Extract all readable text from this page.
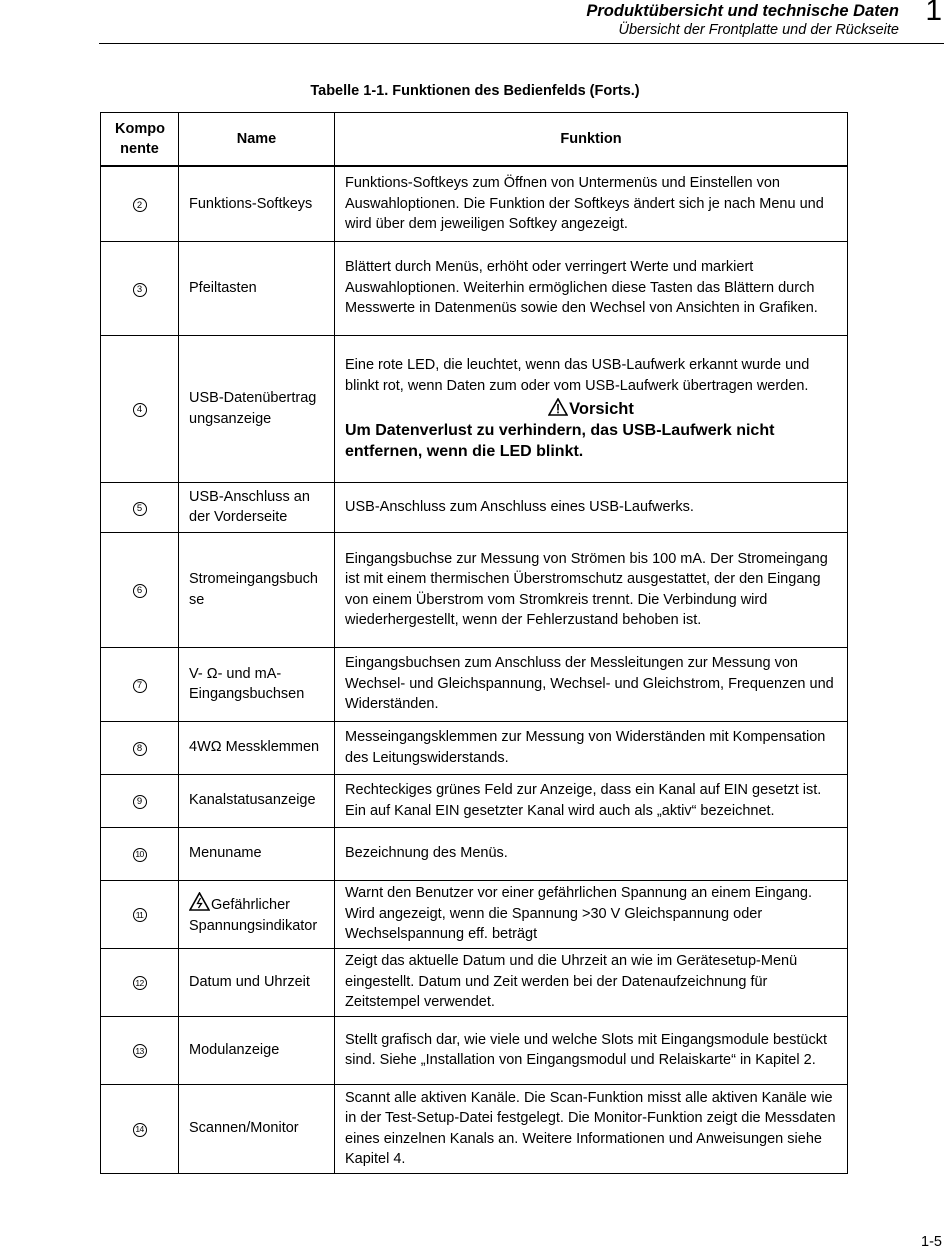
Produktübersicht und technische Daten
Übersicht der Frontplatte und der Rückseite
1
Tabelle 1-1. Funktionen des Bedienfelds (Forts.)
Kompo nente	Name	Funktion
2	Funktions-Softkeys	Funktions-Softkeys zum Öffnen von Untermenüs und Einstellen von Auswahloptionen. Die Funktion der Softkeys ändert sich je nach Menu und wird über dem jeweiligen Softkey angezeigt.
3	Pfeiltasten	Blättert durch Menüs, erhöht oder verringert Werte und markiert Auswahloptionen. Weiterhin ermöglichen diese Tasten das Blättern durch Messwerte in Datenmenüs sowie den Wechsel von Ansichten in Grafiken.
4	USB-Datenübertragungsanzeige	Eine rote LED, die leuchtet, wenn das USB-Laufwerk erkannt wurde und blinkt rot, wenn Daten zum oder vom USB-Laufwerk übertragen werden.
Vorsicht
Um Datenverlust zu verhindern, das USB-Laufwerk nicht entfernen, wenn die LED blinkt.

5	USB-Anschluss an der Vorderseite	USB-Anschluss zum Anschluss eines USB-Laufwerks.
6	Stromeingangsbuchse	Eingangsbuchse zur Messung von Strömen bis 100 mA. Der Stromeingang ist mit einem thermischen Überstromschutz ausgestattet, der den Eingang von einem Überstrom vom Stromkreis trennt. Die Verbindung wird wiederhergestellt, wenn der Fehlerzustand behoben ist.
7	V- Ω- und mA-Eingangsbuchsen	Eingangsbuchsen zum Anschluss der Messleitungen zur Messung von Wechsel- und Gleichspannung, Wechsel- und Gleichstrom, Frequenzen und Widerständen.
8	4WΩ Messklemmen	Messeingangsklemmen zur Messung von Widerständen mit Kompensation des Leitungswiderstands.
9	Kanalstatusanzeige	Rechteckiges grünes Feld zur Anzeige, dass ein Kanal auf EIN gesetzt ist. Ein auf Kanal EIN gesetzter Kanal wird auch als „aktiv“ bezeichnet.
10	Menuname	Bezeichnung des Menüs.
11	Gefährlicher Spannungsindikator	Warnt den Benutzer vor einer gefährlichen Spannung an einem Eingang. Wird angezeigt, wenn die Spannung >30 V Gleichspannung oder Wechselspannung eff. beträgt
12	Datum und Uhrzeit	Zeigt das aktuelle Datum und die Uhrzeit an wie im Gerätesetup-Menü eingestellt. Datum und Zeit werden bei der Datenaufzeichnung für Zeitstempel verwendet.
13	Modulanzeige	Stellt grafisch dar, wie viele und welche Slots mit Eingangsmodule bestückt sind. Siehe „Installation von Eingangsmodul und Relaiskarte“ in Kapitel 2.
14	Scannen/Monitor	Scannt alle aktiven Kanäle. Die Scan-Funktion misst alle aktiven Kanäle wie in der Test-Setup-Datei festgelegt. Die Monitor-Funktion zeigt die Messdaten eines einzelnen Kanals an. Weitere Informationen und Anweisungen siehe Kapitel 4.
1-5
